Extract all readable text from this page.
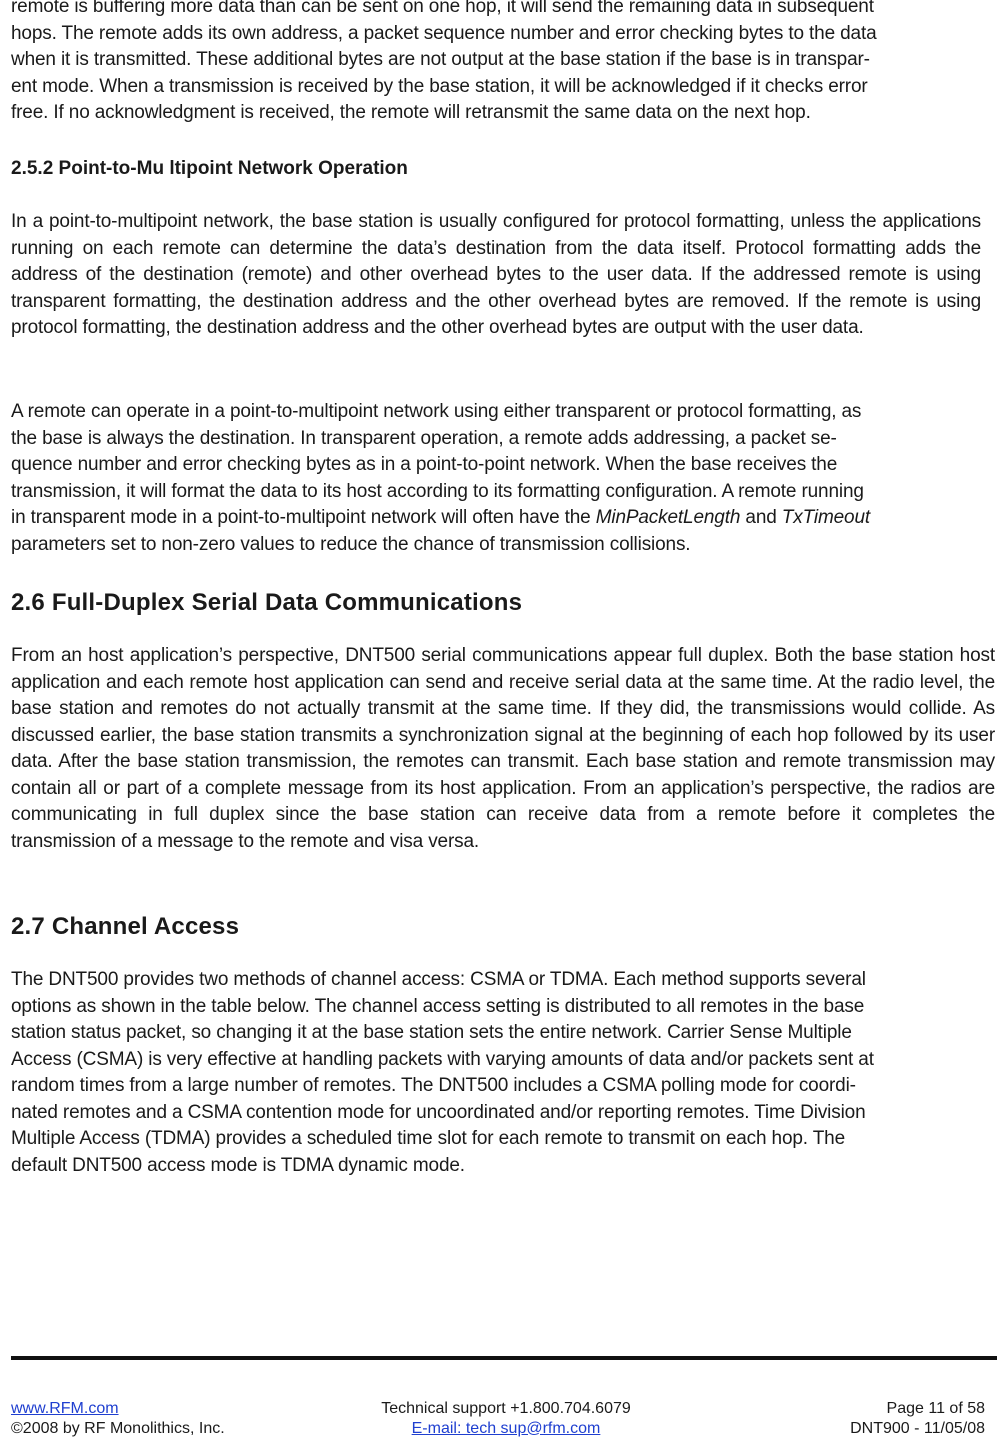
remote is buffering more data than can be sent on one hop, it will send the remaining data in subsequent

hops. The remote adds its own address, a packet sequence number and error checking bytes to the data

when it is transmitted. These additional bytes are not output at the base station if the base is in transpar-

ent mode. When a transmission is received by the base station, it will be acknowledged if it checks error

free. If no acknowledgment is received, the remote will retransmit the same data on the next hop.

2.5.2 Point-to-Mu ltipoint Network Operation

In a point-to-multipoint network, the base station is usually configured for protocol formatting, unless the applications running on each remote can determine the data’s destination from the data itself. Protocol formatting adds the address of the destination (remote) and other overhead bytes to the user data. If the addressed remote is using transparent formatting, the destination address and the other overhead bytes are removed. If the remote is using protocol formatting, the destination address and the other overhead bytes are output with the user data.

A remote can operate in a point-to-multipoint network using either transparent or protocol formatting, as

the base is always the destination. In transparent operation, a remote adds addressing, a packet se-

quence number and error checking bytes as in a point-to-point network. When the base receives the

transmission, it will format the data to its host according to its formatting configuration. A remote running

in transparent mode in a point-to-multipoint network will often have the MinPacketLength and TxTimeout

parameters set to non-zero values to reduce the chance of transmission collisions.

2.6 Full-Duplex Serial Data Communications

From an host application’s perspective, DNT500 serial communications appear full duplex. Both the base station host application and each remote host application can send and receive serial data at the same time. At the radio level, the base station and remotes do not actually transmit at the same time. If they did, the transmissions would collide. As discussed earlier, the base station transmits a synchronization signal at the beginning of each hop followed by its user data. After the base station transmission, the remotes can transmit. Each base station and remote transmission may contain all or part of a complete message from its host application. From an application’s perspective, the radios are communicating in full duplex since the base station can receive data from a remote before it completes the transmission of a message to the remote and visa versa.

2.7 Channel Access

The DNT500 provides two methods of channel access: CSMA or TDMA. Each method supports several

options as shown in the table below. The channel access setting is distributed to all remotes in the base

station status packet, so changing it at the base station sets the entire network. Carrier Sense Multiple

Access (CSMA) is very effective at handling packets with varying amounts of data and/or packets sent at

random times from a large number of remotes. The DNT500 includes a CSMA polling mode for coordi-

nated remotes and a CSMA contention mode for uncoordinated and/or reporting remotes. Time Division

Multiple Access (TDMA) provides a scheduled time slot for each remote to transmit on each hop. The

default DNT500 access mode is TDMA dynamic mode.

www.RFM.com
©2008 by RF Monolithics, Inc.
Technical support +1.800.704.6079
E-mail: tech sup@rfm.com
Page 11 of 58
DNT900 - 11/05/08
